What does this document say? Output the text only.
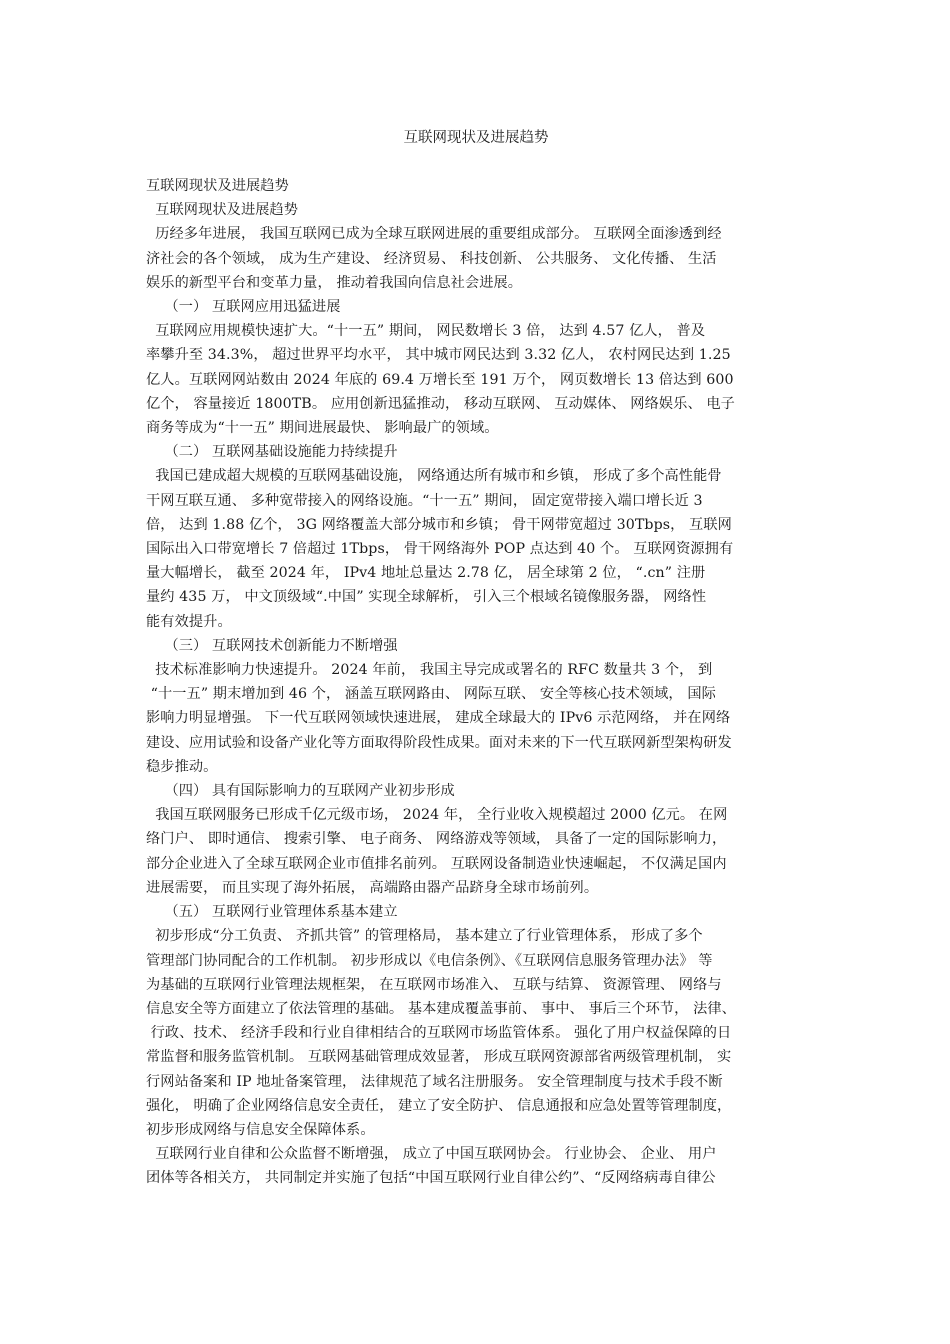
互联网现状及进展趋势
互联网现状及进展趋势
互联网现状及进展趋势
历经多年进展， 我国互联网已成为全球互联网进展的重要组成部分。 互联网全面渗透到经
济社会的各个领域， 成为生产建设、 经济贸易、 科技创新、 公共服务、 文化传播、 生活
娱乐的新型平台和变革力量， 推动着我国向信息社会进展。
（一） 互联网应用迅猛进展
互联网应用规模快速扩大。“十一五” 期间， 网民数增长 3 倍， 达到 4.57 亿人， 普及
率攀升至 34.3%， 超过世界平均水平， 其中城市网民达到 3.32 亿人， 农村网民达到 1.25
亿人。互联网网站数由 2024 年底的 69.4 万增长至 191 万个， 网页数增长 13 倍达到 600
亿个， 容量接近 1800TB。 应用创新迅猛推动， 移动互联网、 互动媒体、 网络娱乐、 电子
商务等成为“十一五” 期间进展最快、 影响最广的领域。
（二） 互联网基础设施能力持续提升
我国已建成超大规模的互联网基础设施， 网络通达所有城市和乡镇， 形成了多个高性能骨
干网互联互通、 多种宽带接入的网络设施。“十一五” 期间， 固定宽带接入端口增长近 3
倍， 达到 1.88 亿个， 3G 网络覆盖大部分城市和乡镇； 骨干网带宽超过 30Tbps， 互联网
国际出入口带宽增长 7 倍超过 1Tbps， 骨干网络海外 POP 点达到 40 个。 互联网资源拥有
量大幅增长， 截至 2024 年， IPv4 地址总量达 2.78 亿， 居全球第 2 位， “.cn” 注册
量约 435 万， 中文顶级域“.中国” 实现全球解析， 引入三个根域名镜像服务器， 网络性
能有效提升。
（三） 互联网技术创新能力不断增强
技术标准影响力快速提升。 2024 年前， 我国主导完成或署名的 RFC 数量共 3 个， 到
“十一五” 期末增加到 46 个， 涵盖互联网路由、 网际互联、 安全等核心技术领域， 国际
影响力明显增强。 下一代互联网领域快速进展， 建成全球最大的 IPv6 示范网络， 并在网络
建设、应用试验和设备产业化等方面取得阶段性成果。面对未来的下一代互联网新型架构研发
稳步推动。
（四） 具有国际影响力的互联网产业初步形成
我国互联网服务已形成千亿元级市场， 2024 年， 全行业收入规模超过 2000 亿元。 在网
络门户、 即时通信、 搜索引擎、 电子商务、 网络游戏等领域， 具备了一定的国际影响力，
部分企业进入了全球互联网企业市值排名前列。 互联网设备制造业快速崛起， 不仅满足国内
进展需要， 而且实现了海外拓展， 高端路由器产品跻身全球市场前列。
（五） 互联网行业管理体系基本建立
初步形成“分工负责、 齐抓共管” 的管理格局， 基本建立了行业管理体系， 形成了多个
管理部门协同配合的工作机制。 初步形成以《电信条例》、《互联网信息服务管理办法》 等
为基础的互联网行业管理法规框架， 在互联网市场准入、 互联与结算、 资源管理、 网络与
信息安全等方面建立了依法管理的基础。 基本建成覆盖事前、 事中、 事后三个环节， 法律、
行政、技术、 经济手段和行业自律相结合的互联网市场监管体系。 强化了用户权益保障的日
常监督和服务监管机制。 互联网基础管理成效显著， 形成互联网资源部省两级管理机制， 实
行网站备案和 IP 地址备案管理， 法律规范了域名注册服务。 安全管理制度与技术手段不断
强化， 明确了企业网络信息安全责任， 建立了安全防护、 信息通报和应急处置等管理制度，
初步形成网络与信息安全保障体系。
互联网行业自律和公众监督不断增强， 成立了中国互联网协会。 行业协会、 企业、 用户
团体等各相关方， 共同制定并实施了包括“中国互联网行业自律公约”、“反网络病毒自律公
